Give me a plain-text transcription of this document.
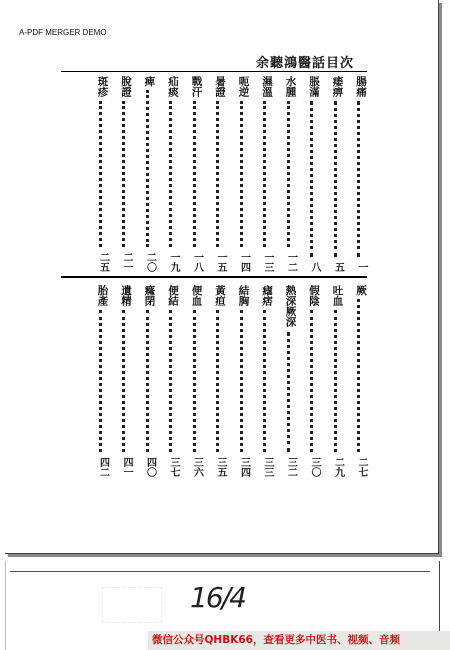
A-PDF MERGER DEMO
余聽鴻醫話目次
腸痛
一
痿痹
五
脹滿
八
水腫
一二
濕溫
一三
呃逆
一四
暑證
一五
戰汗
一八
疝痰
一九
痺
二〇
脫證
二一
斑疹
二五
厥
二七
吐血
二九
假陰
三〇
熱深厥深
三二
瘧痞
三三
結胸
三四
黃疸
三五
便血
三六
便結
三七
癃閉
四〇
遺精
四一
胎產
四二
16/4
微信公众号QHBK66，查看更多中医书、视频、音频
